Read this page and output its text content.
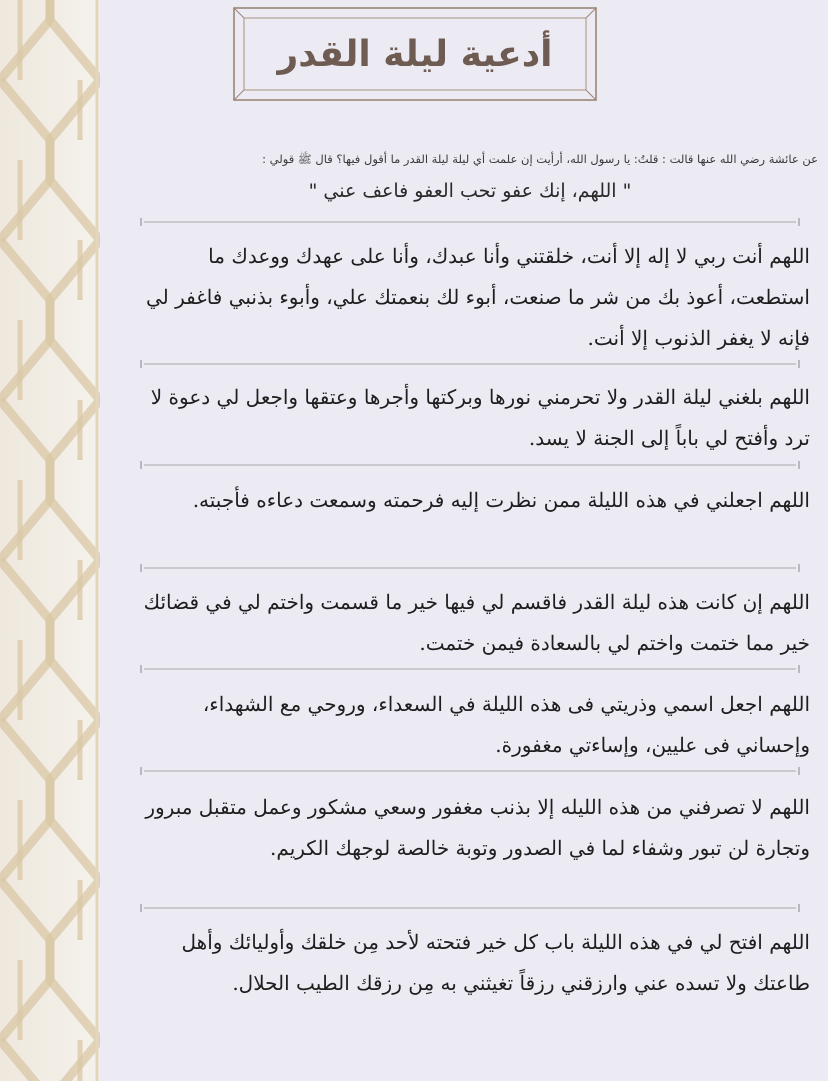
أدعية ليلة القدر
عن عائشة رضي الله عنها قالت : قلتُ: يا رسول الله، أرأيت إن علمت أي ليلة ليلة القدر ما أقول فيها؟ قال ﷺ قولي :
" اللهم، إنك عفو تحب العفو فاعف عني "

اللهم أنت ربي لا إله إلا أنت، خلقتني وأنا عبدك، وأنا على عهدك ووعدك ما استطعت، أعوذ بك من شر ما صنعت، أبوء لك بنعمتك علي، وأبوء بذنبي فاغفر لي فإنه لا يغفر الذنوب إلا أنت.

اللهم بلغني ليلة القدر ولا تحرمني نورها وبركتها وأجرها وعتقها واجعل لي دعوة لا ترد وأفتح لي باباً إلى الجنة لا يسد.

اللهم اجعلني في هذه الليلة ممن نظرت إليه فرحمته وسمعت دعاءه فأجبته.

اللهم إن كانت هذه ليلة القدر فاقسم لي فيها خير ما قسمت واختم لي في قضائك خير مما ختمت واختم لي بالسعادة فيمن ختمت.

اللهم اجعل اسمي وذريتي فى هذه الليلة في السعداء، وروحي مع الشهداء، وإحساني فى عليين، وإساءتي مغفورة.

اللهم لا تصرفني من هذه الليله إلا بذنب مغفور وسعي مشكور وعمل متقبل مبرور وتجارة لن تبور وشفاء لما في الصدور وتوبة خالصة لوجهك الكريم.

اللهم افتح لي في هذه الليلة باب كل خير فتحته لأحد مِن خلقك وأوليائك وأهل طاعتك ولا تسده عني وارزقني رزقاً تغيثني به مِن رزقك الطيب الحلال.
